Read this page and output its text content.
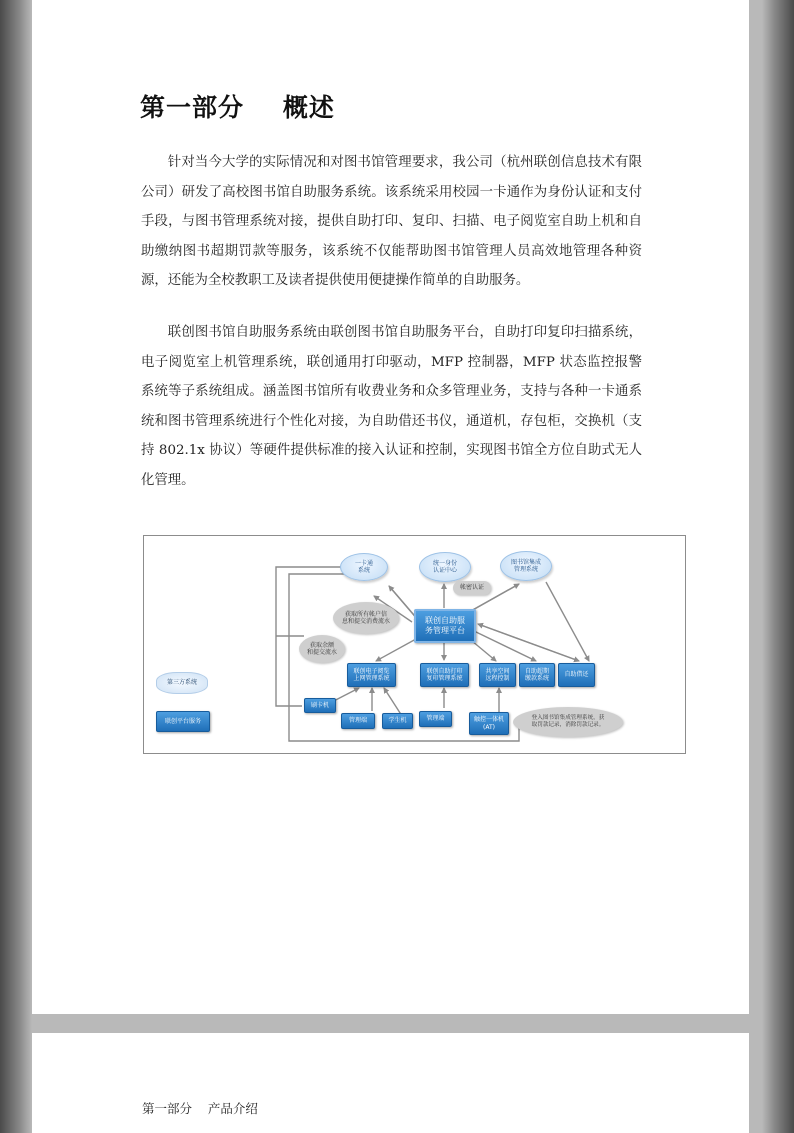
第一部分    概述

针对当今大学的实际情况和对图书馆管理要求，我公司（杭州联创信息技术有限公司）研发了高校图书馆自助服务系统。该系统采用校园一卡通作为身份认证和支付手段，与图书管理系统对接，提供自助打印、复印、扫描、电子阅览室自助上机和自助缴纳图书超期罚款等服务，该系统不仅能帮助图书馆管理人员高效地管理各种资源，还能为全校教职工及读者提供使用便捷操作简单的自助服务。

联创图书馆自助服务系统由联创图书馆自助服务平台，自助打印复印扫描系统，电子阅览室上机管理系统，联创通用打印驱动，MFP 控制器，MFP 状态监控报警系统等子系统组成。涵盖图书馆所有收费业务和众多管理业务，支持与各种一卡通系统和图书管理系统进行个性化对接，为自助借还书仪，通道机，存包柜，交换机（支持 802.1x 协议）等硬件提供标准的接入认证和控制，实现图书馆全方位自助式无人化管理。

一卡通
系统
统一身份
认证中心
图书馆集成
管理系统
获取所有帐户信
息和提交消费流水
获取余额
和提交流水
帐密认证
联创自助服
务管理平台
联创电子阅览
上网管理系统
联创自助打印
复印管理系统
共享空间
远程控制
自助超期
缴款系统
自助借还
第三方系统
联创平台服务
刷卡机
管理端	学生机	管理端	触控一体机
(AT)
登入图书馆集成管理系统，获
取罚款记录，消除罚款记录。

第一部分    产品介绍
